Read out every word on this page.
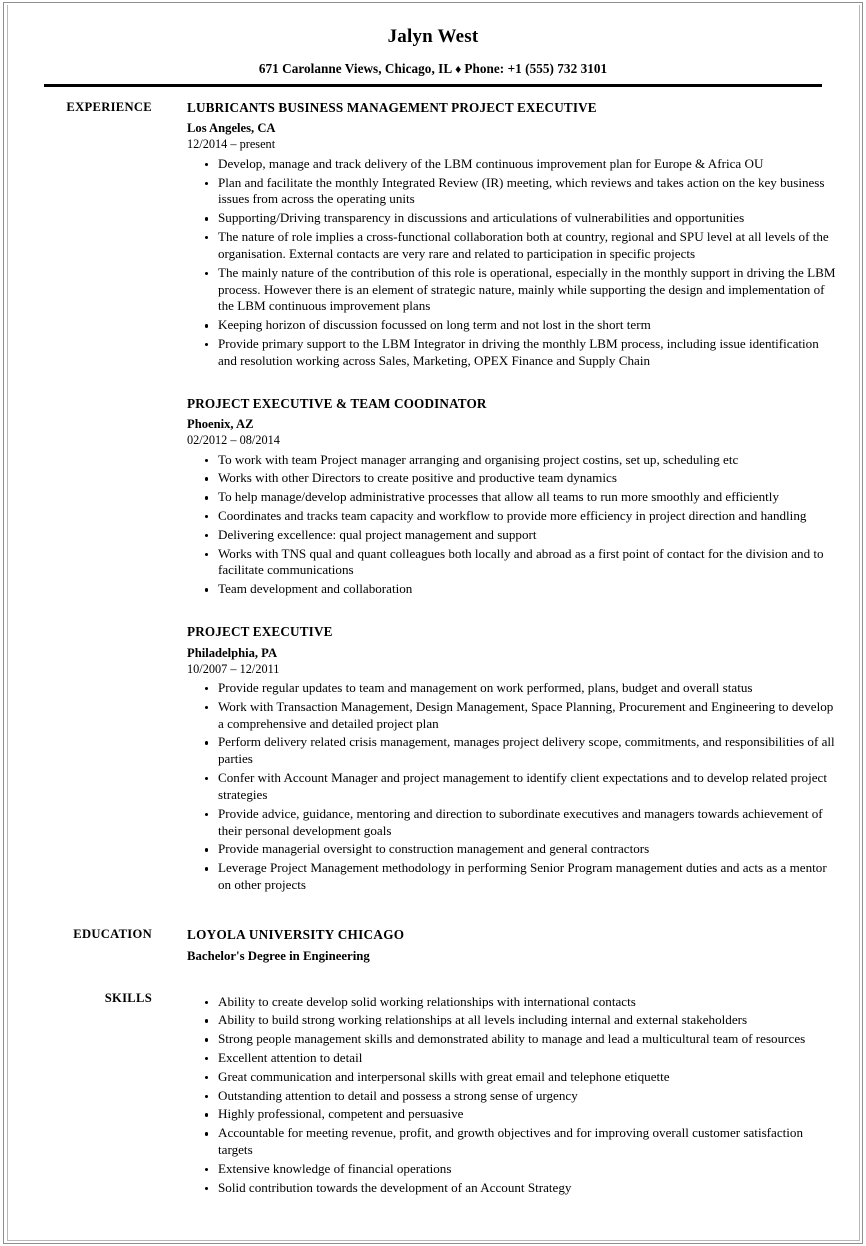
Jalyn West
671 Carolanne Views, Chicago, IL ♦ Phone: +1 (555) 732 3101
EXPERIENCE	LUBRICANTS BUSINESS MANAGEMENT PROJECT EXECUTIVE
Los Angeles, CA
12/2014 – present
Develop, manage and track delivery of the LBM continuous improvement plan for Europe & Africa OU
Plan and facilitate the monthly Integrated Review (IR) meeting, which reviews and takes action on the key business issues from across the operating units
Supporting/Driving transparency in discussions and articulations of vulnerabilities and opportunities
The nature of role implies a cross-functional collaboration both at country, regional and SPU level at all levels of the organisation. External contacts are very rare and related to participation in specific projects
The mainly nature of the contribution of this role is operational, especially in the monthly support in driving the LBM process. However there is an element of strategic nature, mainly while supporting the design and implementation of the LBM continuous improvement plans
Keeping horizon of discussion focussed on long term and not lost in the short term
Provide primary support to the LBM Integrator in driving the monthly LBM process, including issue identification and resolution working across Sales, Marketing, OPEX Finance and Supply Chain
PROJECT EXECUTIVE & TEAM COODINATOR
Phoenix, AZ
02/2012 – 08/2014
To work with team Project manager arranging and organising project costins, set up, scheduling etc
Works with other Directors to create positive and productive team dynamics
To help manage/develop administrative processes that allow all teams to run more smoothly and efficiently
Coordinates and tracks team capacity and workflow to provide more efficiency in project direction and handling
Delivering excellence: qual project management and support
Works with TNS qual and quant colleagues both locally and abroad as a first point of contact for the division and to facilitate communications
Team development and collaboration
PROJECT EXECUTIVE
Philadelphia, PA
10/2007 – 12/2011
Provide regular updates to team and management on work performed, plans, budget and overall status
Work with Transaction Management, Design Management, Space Planning, Procurement and Engineering to develop a comprehensive and detailed project plan
Perform delivery related crisis management, manages project delivery scope, commitments, and responsibilities of all parties
Confer with Account Manager and project management to identify client expectations and to develop related project strategies
Provide advice, guidance, mentoring and direction to subordinate executives and managers towards achievement of their personal development goals
Provide managerial oversight to construction management and general contractors
Leverage Project Management methodology in performing Senior Program management duties and acts as a mentor on other projects
EDUCATION	LOYOLA UNIVERSITY CHICAGO
Bachelor's Degree in Engineering
SKILLS	Ability to create develop solid working relationships with international contacts
Ability to build strong working relationships at all levels including internal and external stakeholders
Strong people management skills and demonstrated ability to manage and lead a multicultural team of resources
Excellent attention to detail
Great communication and interpersonal skills with great email and telephone etiquette
Outstanding attention to detail and possess a strong sense of urgency
Highly professional, competent and persuasive
Accountable for meeting revenue, profit, and growth objectives and for improving overall customer satisfaction targets
Extensive knowledge of financial operations
Solid contribution towards the development of an Account Strategy
